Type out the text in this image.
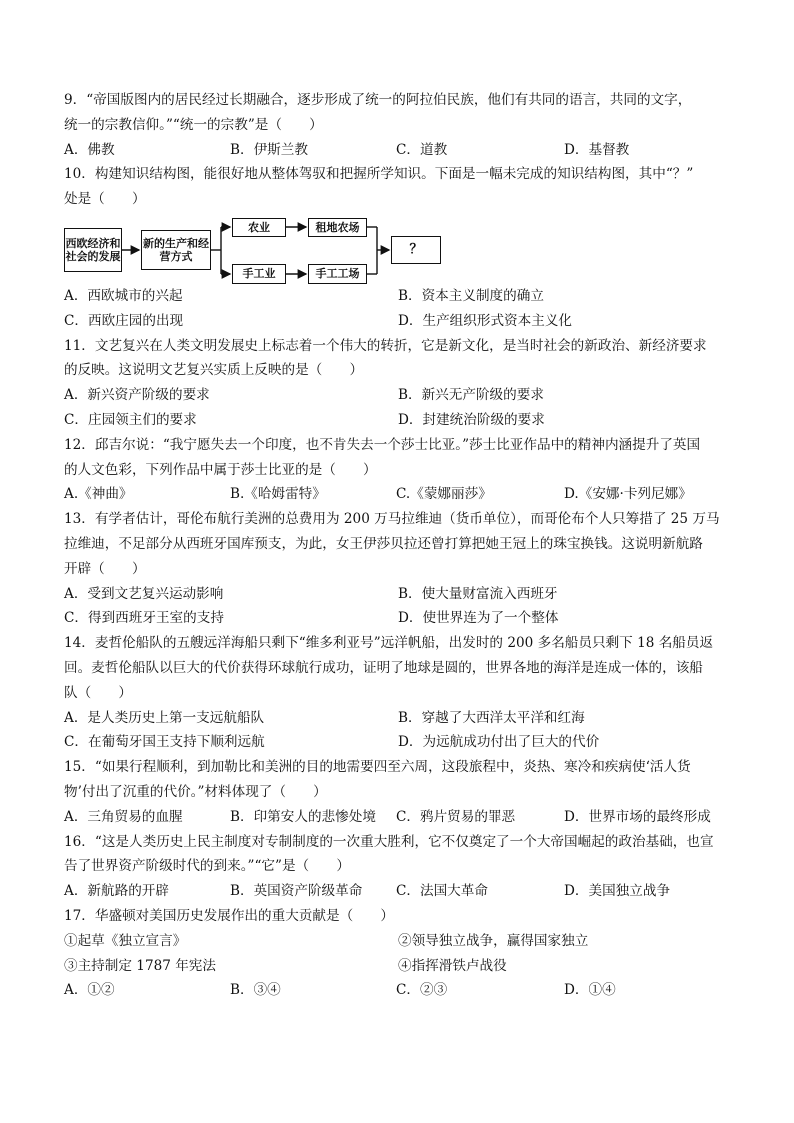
9．“帝国版图内的居民经过长期融合，逐步形成了统一的阿拉伯民族，他们有共同的语言，共同的文字，
统一的宗教信仰。”“统一的宗教”是（　　）
A．佛教	B．伊斯兰教	C．道教	D．基督教
10．构建知识结构图，能很好地从整体驾驭和把握所学知识。下面是一幅未完成的知识结构图，其中“？”
处是（　　）
西欧经济和社会的发展
新的生产和经营方式
农业	租地农场
手工业	手工工场
？
A．西欧城市的兴起	B．资本主义制度的确立
C．西欧庄园的出现	D．生产组织形式资本主义化
11．文艺复兴在人类文明发展史上标志着一个伟大的转折，它是新文化，是当时社会的新政治、新经济要求
的反映。这说明文艺复兴实质上反映的是（　　）
A．新兴资产阶级的要求	B．新兴无产阶级的要求
C．庄园领主们的要求	D．封建统治阶级的要求
12．邱吉尔说：“我宁愿失去一个印度，也不肯失去一个莎士比亚。”莎士比亚作品中的精神内涵提升了英国
的人文色彩，下列作品中属于莎士比亚的是（　　）
A.《神曲》	B.《哈姆雷特》	C.《蒙娜丽莎》	D.《安娜·卡列尼娜》
13．有学者估计，哥伦布航行美洲的总费用为 200 万马拉维迪（货币单位），而哥伦布个人只筹措了 25 万马
拉维迪，不足部分从西班牙国库预支，为此，女王伊莎贝拉还曾打算把她王冠上的珠宝换钱。这说明新航路
开辟（　　）
A．受到文艺复兴运动影响	B．使大量财富流入西班牙
C．得到西班牙王室的支持	D．使世界连为了一个整体
14．麦哲伦船队的五艘远洋海船只剩下“维多利亚号”远洋帆船，出发时的 200 多名船员只剩下 18 名船员返
回。麦哲伦船队以巨大的代价获得环球航行成功，证明了地球是圆的，世界各地的海洋是连成一体的，该船
队（　　）
A．是人类历史上第一支远航船队	B．穿越了大西洋太平洋和红海
C．在葡萄牙国王支持下顺利远航	D．为远航成功付出了巨大的代价
15．“如果行程顺利，到加勒比和美洲的目的地需要四至六周，这段旅程中，炎热、寒冷和疾病使‘活人货
物’付出了沉重的代价。”材料体现了（　　）
A．三角贸易的血腥	B．印第安人的悲惨处境	C．鸦片贸易的罪恶	D．世界市场的最终形成
16．“这是人类历史上民主制度对专制制度的一次重大胜利，它不仅奠定了一个大帝国崛起的政治基础，也宣
告了世界资产阶级时代的到来。”“它”是（　　）
A．新航路的开辟	B．英国资产阶级革命	C．法国大革命	D．美国独立战争
17．华盛顿对美国历史发展作出的重大贡献是（　　）
①起草《独立宣言》	②领导独立战争，赢得国家独立
③主持制定 1787 年宪法	④指挥滑铁卢战役
A．①②	B．③④	C．②③	D．①④
